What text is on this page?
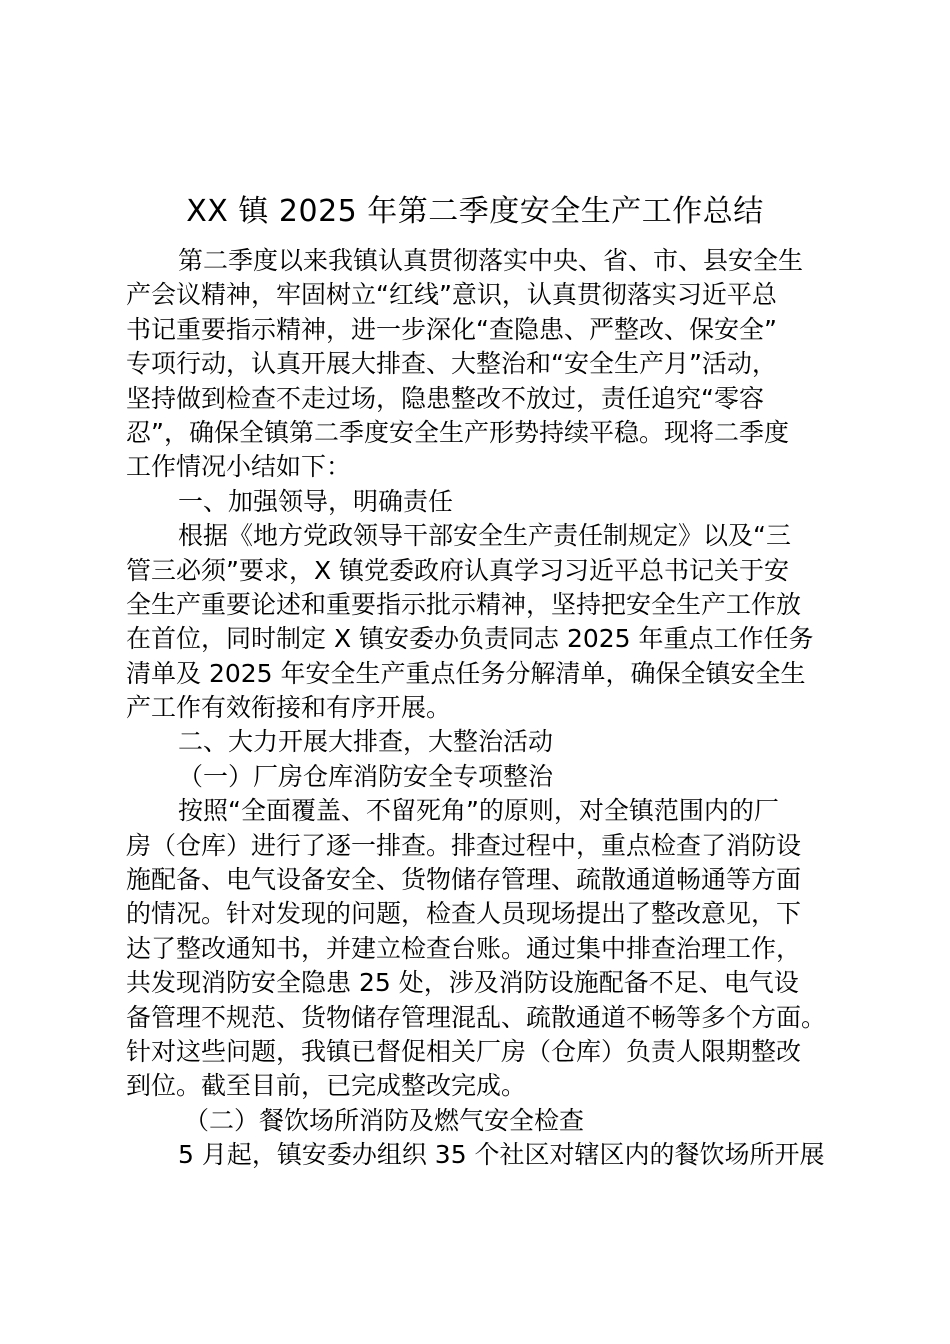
XX 镇 2025 年第二季度安全生产工作总结
第二季度以来我镇认真贯彻落实中央、省、市、县安全生
产会议精神，牢固树立“红线”意识，认真贯彻落实习近平总
书记重要指示精神，进一步深化“查隐患、严整改、保安全”
专项行动，认真开展大排查、大整治和“安全生产月”活动，
坚持做到检查不走过场，隐患整改不放过，责任追究“零容
忍”，确保全镇第二季度安全生产形势持续平稳。现将二季度
工作情况小结如下：
一、加强领导，明确责任
根据《地方党政领导干部安全生产责任制规定》以及“三
管三必须”要求，X 镇党委政府认真学习习近平总书记关于安
全生产重要论述和重要指示批示精神，坚持把安全生产工作放
在首位，同时制定 X 镇安委办负责同志 2025 年重点工作任务
清单及 2025 年安全生产重点任务分解清单，确保全镇安全生
产工作有效衔接和有序开展。
二、大力开展大排查，大整治活动
（一）厂房仓库消防安全专项整治
按照“全面覆盖、不留死角”的原则，对全镇范围内的厂
房（仓库）进行了逐一排查。排查过程中，重点检查了消防设
施配备、电气设备安全、货物储存管理、疏散通道畅通等方面
的情况。针对发现的问题，检查人员现场提出了整改意见，下
达了整改通知书，并建立检查台账。通过集中排查治理工作，
共发现消防安全隐患 25 处，涉及消防设施配备不足、电气设
备管理不规范、货物储存管理混乱、疏散通道不畅等多个方面。
针对这些问题，我镇已督促相关厂房（仓库）负责人限期整改
到位。截至目前，已完成整改完成。
（二）餐饮场所消防及燃气安全检查
5 月起，镇安委办组织 35 个社区对辖区内的餐饮场所开展
